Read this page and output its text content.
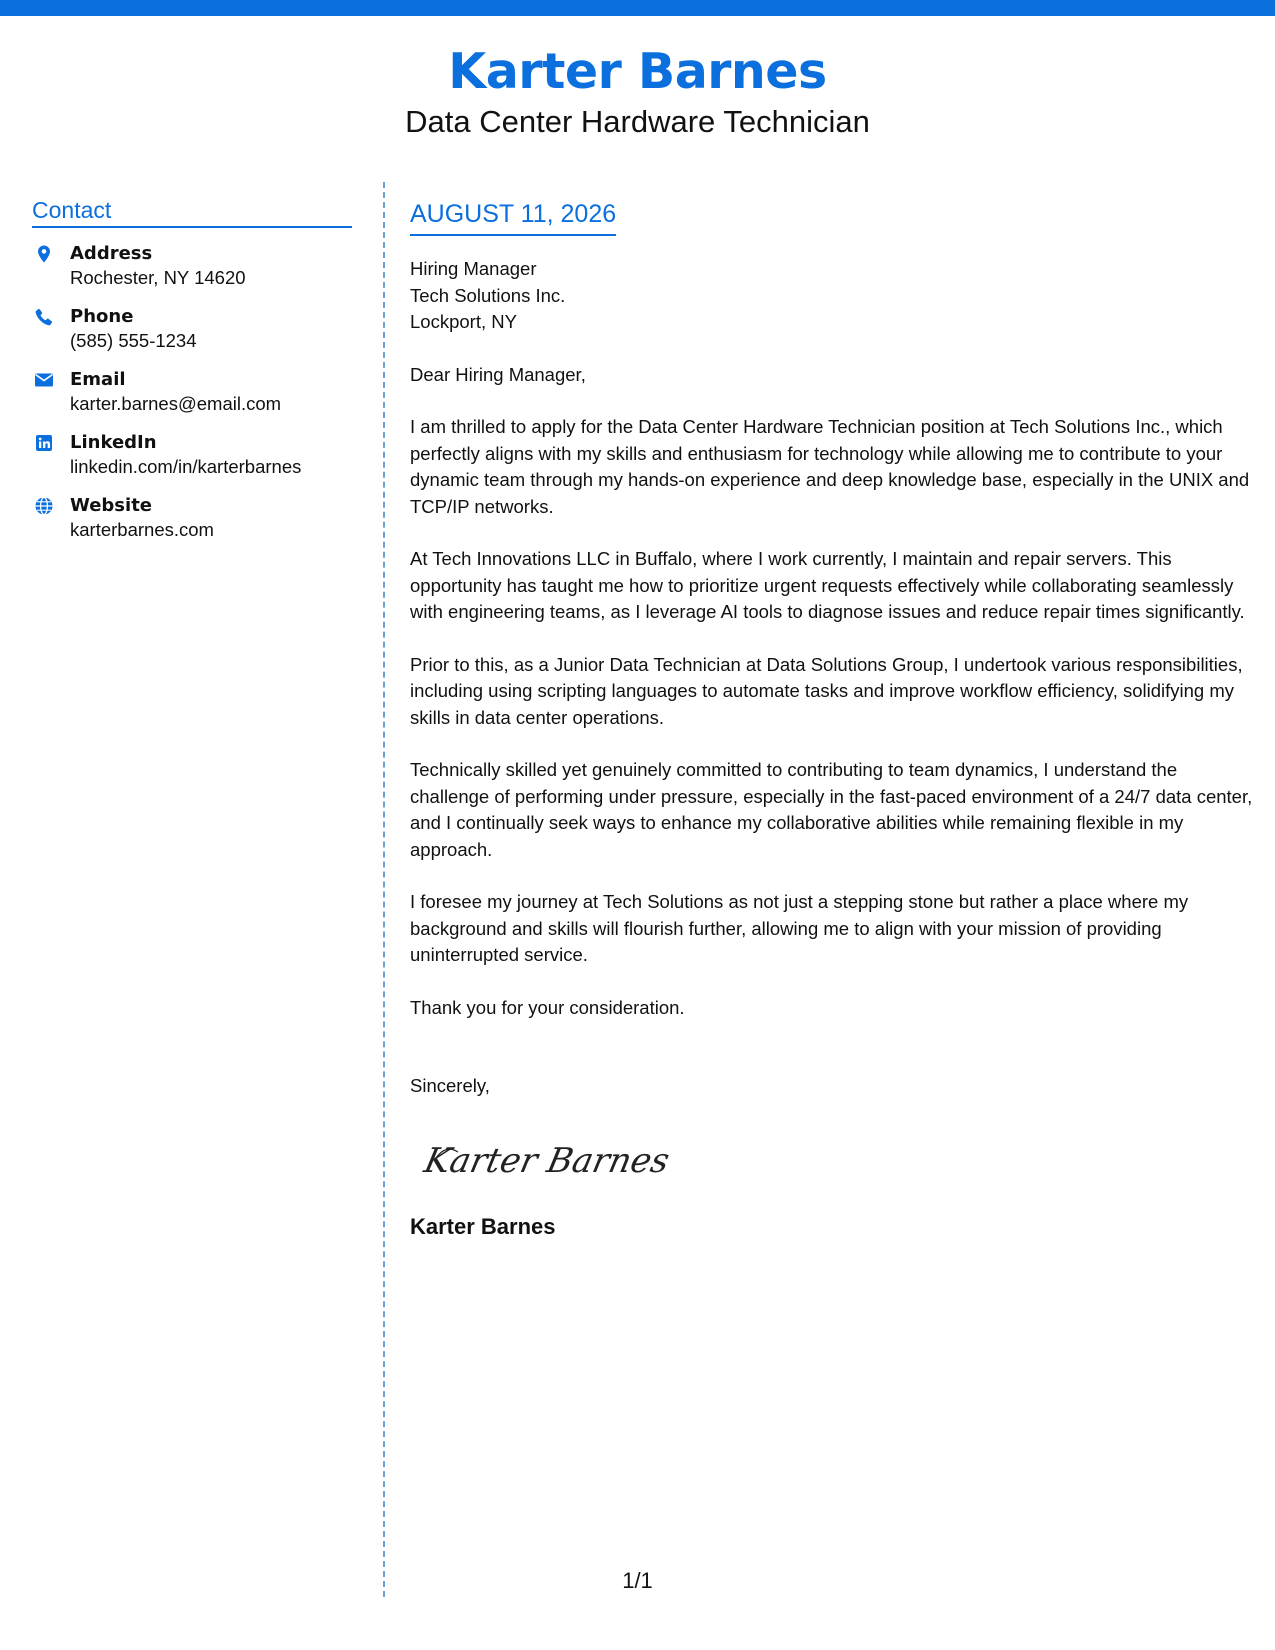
Karter Barnes
Data Center Hardware Technician
Contact
Address
Rochester, NY 14620
Phone
(585) 555-1234
Email
karter.barnes@email.com
LinkedIn
linkedin.com/in/karterbarnes
Website
karterbarnes.com
AUGUST 11, 2026
Hiring Manager
Tech Solutions Inc.
Lockport, NY
Dear Hiring Manager,
I am thrilled to apply for the Data Center Hardware Technician position at Tech Solutions Inc., which perfectly aligns with my skills and enthusiasm for technology while allowing me to contribute to your dynamic team through my hands-on experience and deep knowledge base, especially in the UNIX and TCP/IP networks.
At Tech Innovations LLC in Buffalo, where I work currently, I maintain and repair servers. This opportunity has taught me how to prioritize urgent requests effectively while collaborating seamlessly with engineering teams, as I leverage AI tools to diagnose issues and reduce repair times significantly.
Prior to this, as a Junior Data Technician at Data Solutions Group, I undertook various responsibilities, including using scripting languages to automate tasks and improve workflow efficiency, solidifying my skills in data center operations.
Technically skilled yet genuinely committed to contributing to team dynamics, I understand the challenge of performing under pressure, especially in the fast-paced environment of a 24/7 data center, and I continually seek ways to enhance my collaborative abilities while remaining flexible in my approach.
I foresee my journey at Tech Solutions as not just a stepping stone but rather a place where my background and skills will flourish further, allowing me to align with your mission of providing uninterrupted service.
Thank you for your consideration.
Sincerely,
Karter Barnes
Karter Barnes
1/1
